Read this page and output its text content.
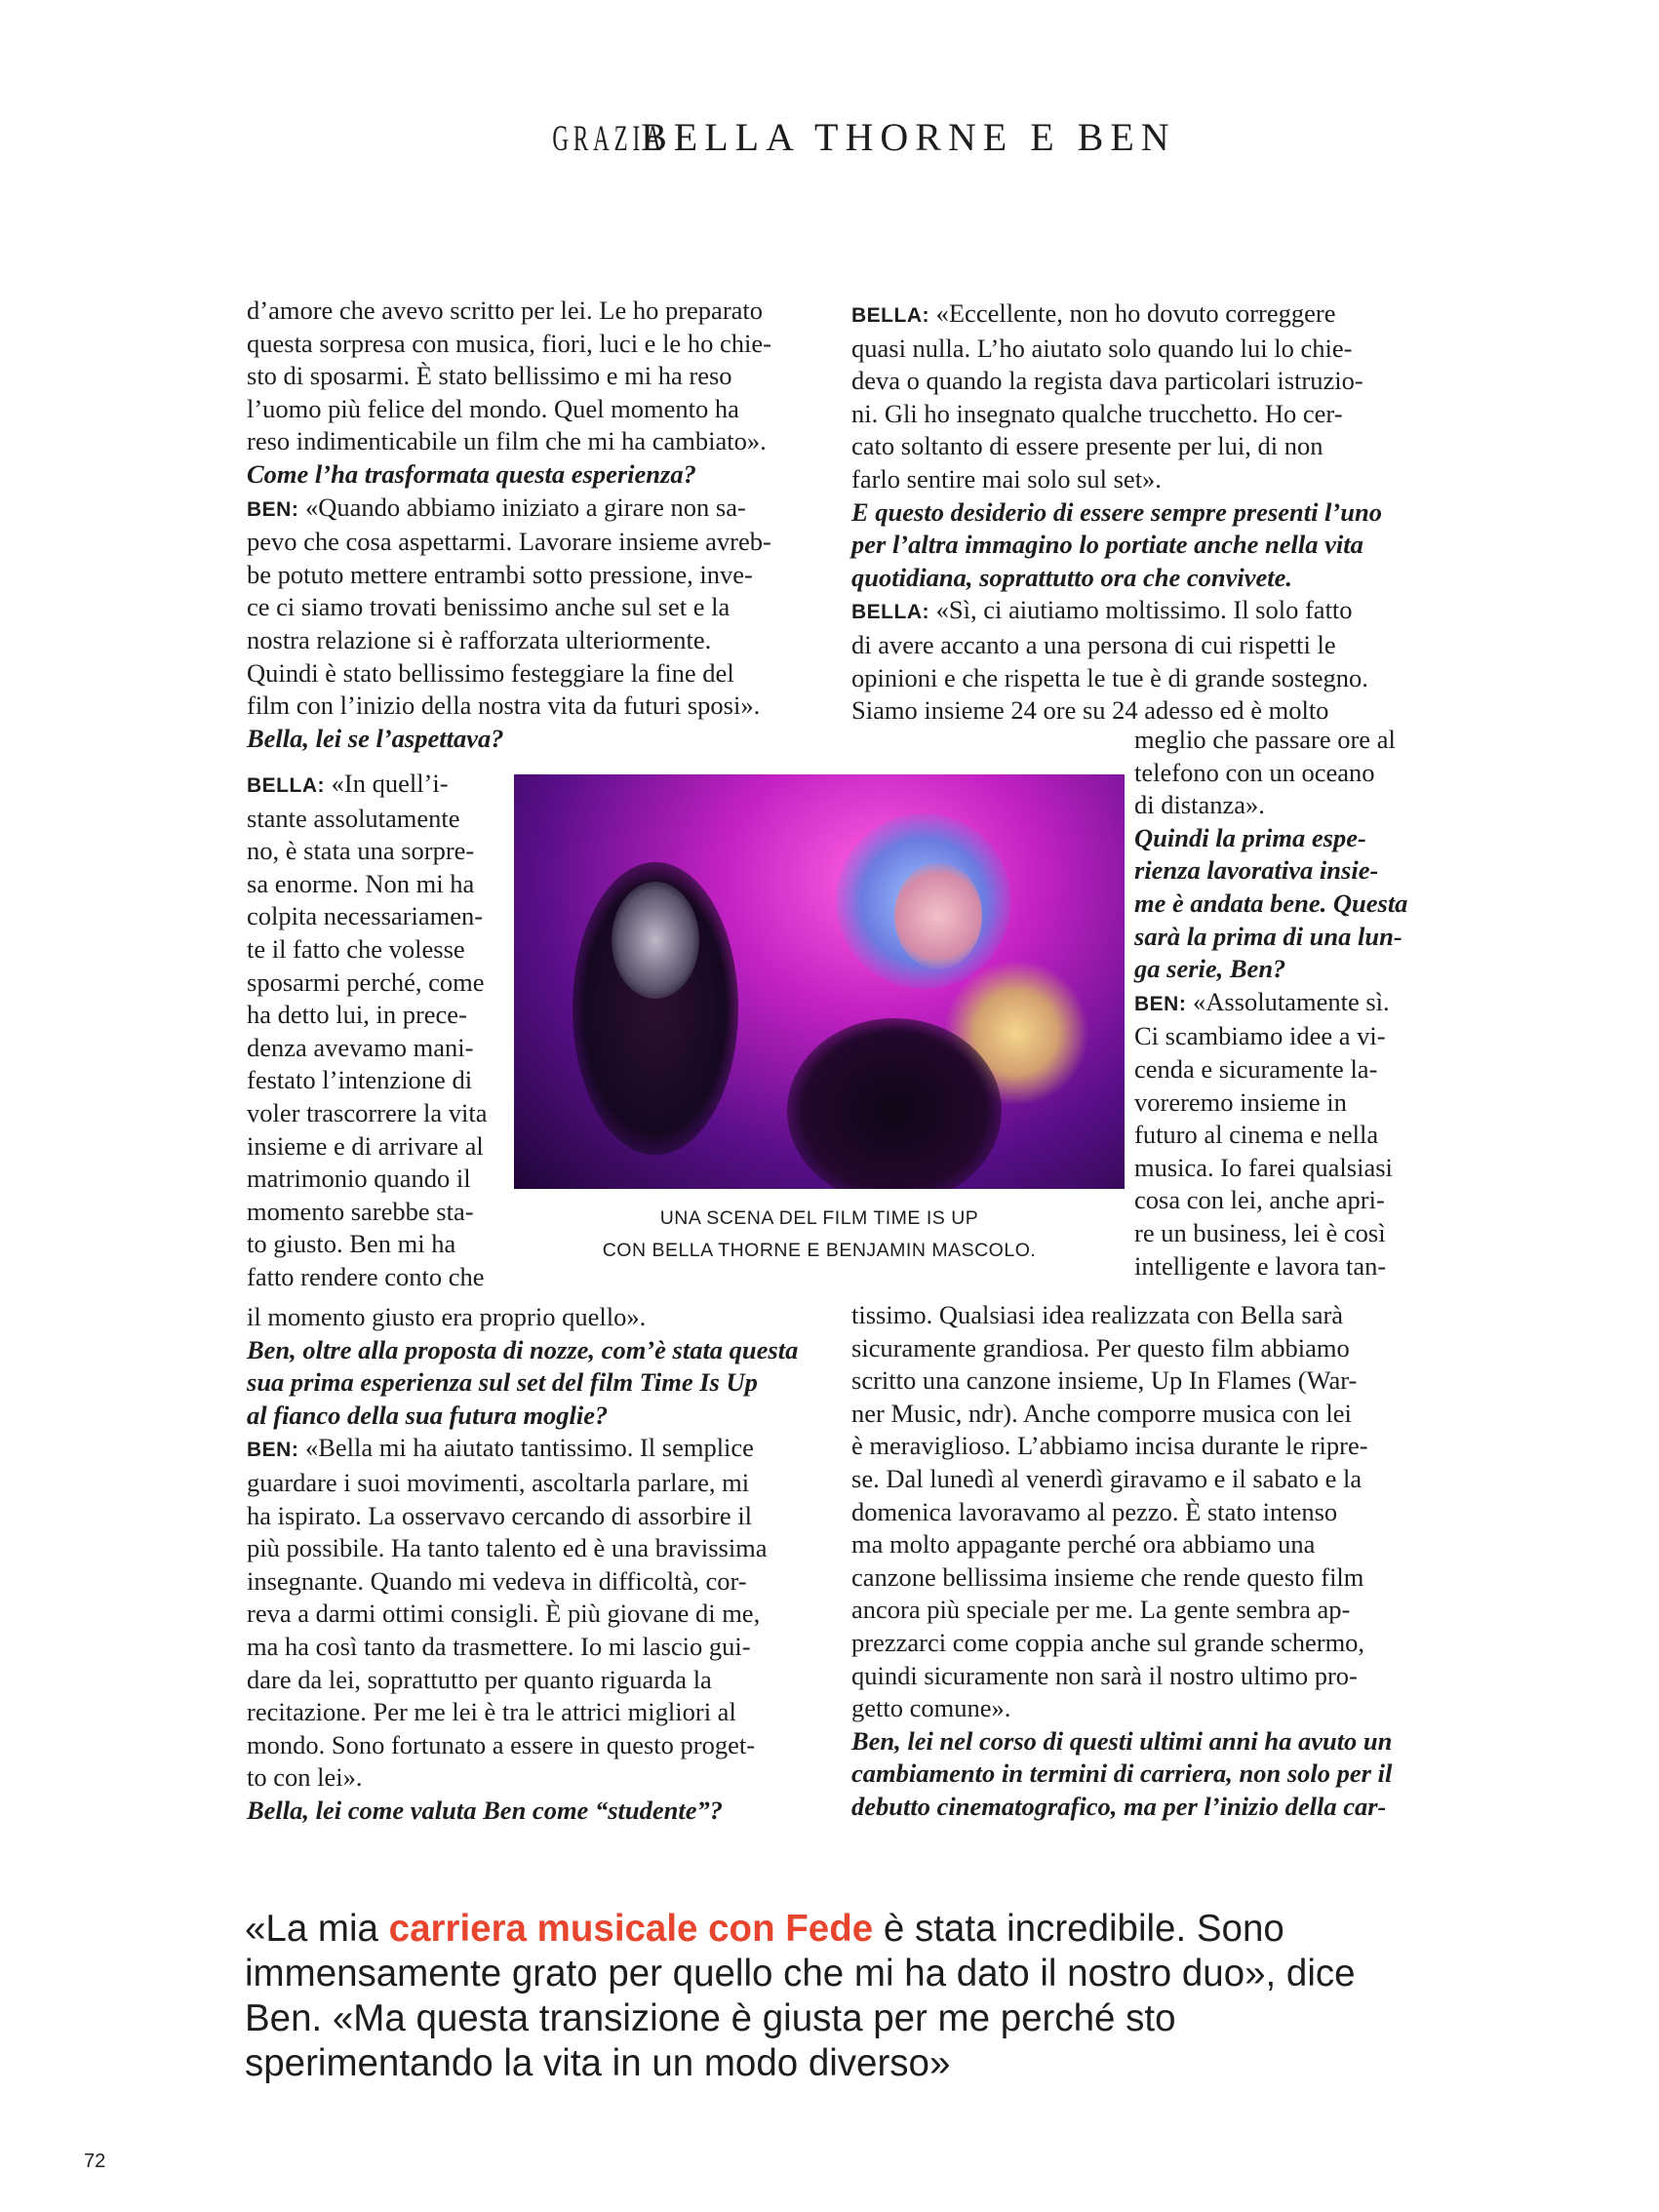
GRAZIA BELLA THORNE E BEN
d’amore che avevo scritto per lei. Le ho preparato
questa sorpresa con musica, fiori, luci e le ho chie-
sto di sposarmi. È stato bellissimo e mi ha reso
l’uomo più felice del mondo. Quel momento ha
reso indimenticabile un film che mi ha cambiato».
Come l’ha trasformata questa esperienza?
BEN: «Quando abbiamo iniziato a girare non sa-
pevo che cosa aspettarmi. Lavorare insieme avreb-
be potuto mettere entrambi sotto pressione, inve-
ce ci siamo trovati benissimo anche sul set e la
nostra relazione si è rafforzata ulteriormente.
Quindi è stato bellissimo festeggiare la fine del
film con l’inizio della nostra vita da futuri sposi».
Bella, lei se l’aspettava?
BELLA: «Eccellente, non ho dovuto correggere
quasi nulla. L’ho aiutato solo quando lui lo chie-
deva o quando la regista dava particolari istruzio-
ni. Gli ho insegnato qualche trucchetto. Ho cer-
cato soltanto di essere presente per lui, di non
farlo sentire mai solo sul set».
E questo desiderio di essere sempre presenti l’uno
per l’altra immagino lo portiate anche nella vita
quotidiana, soprattutto ora che convivete.
BELLA: «Sì, ci aiutiamo moltissimo. Il solo fatto
di avere accanto a una persona di cui rispetti le
opinioni e che rispetta le tue è di grande sostegno.
Siamo insieme 24 ore su 24 adesso ed è molto
BELLA: «In quell’i-
stante assolutamente
no, è stata una sorpre-
sa enorme. Non mi ha
colpita necessariamen-
te il fatto che volesse
sposarmi perché, come
ha detto lui, in prece-
denza avevamo mani-
festato l’intenzione di
voler trascorrere la vita
insieme e di arrivare al
matrimonio quando il
momento sarebbe sta-
to giusto. Ben mi ha
fatto rendere conto che
meglio che passare ore al
telefono con un oceano
di distanza».
Quindi la prima espe-
rienza lavorativa insie-
me è andata bene. Questa
sarà la prima di una lun-
ga serie, Ben?
BEN: «Assolutamente sì.
Ci scambiamo idee a vi-
cenda e sicuramente la-
voreremo insieme in
futuro al cinema e nella
musica. Io farei qualsiasi
cosa con lei, anche apri-
re un business, lei è così
intelligente e lavora tan-
il momento giusto era proprio quello».
Ben, oltre alla proposta di nozze, com’è stata questa
sua prima esperienza sul set del film Time Is Up
al fianco della sua futura moglie?
BEN: «Bella mi ha aiutato tantissimo. Il semplice
guardare i suoi movimenti, ascoltarla parlare, mi
ha ispirato. La osservavo cercando di assorbire il
più possibile. Ha tanto talento ed è una bravissima
insegnante. Quando mi vedeva in difficoltà, cor-
reva a darmi ottimi consigli. È più giovane di me,
ma ha così tanto da trasmettere. Io mi lascio gui-
dare da lei, soprattutto per quanto riguarda la
recitazione. Per me lei è tra le attrici migliori al
mondo. Sono fortunato a essere in questo proget-
to con lei».
Bella, lei come valuta Ben come “studente”?
tissimo. Qualsiasi idea realizzata con Bella sarà
sicuramente grandiosa. Per questo film abbiamo
scritto una canzone insieme, Up In Flames (War-
ner Music, ndr). Anche comporre musica con lei
è meraviglioso. L’abbiamo incisa durante le ripre-
se. Dal lunedì al venerdì giravamo e il sabato e la
domenica lavoravamo al pezzo. È stato intenso
ma molto appagante perché ora abbiamo una
canzone bellissima insieme che rende questo film
ancora più speciale per me. La gente sembra ap-
prezzarci come coppia anche sul grande schermo,
quindi sicuramente non sarà il nostro ultimo pro-
getto comune».
Ben, lei nel corso di questi ultimi anni ha avuto un
cambiamento in termini di carriera, non solo per il
debutto cinematografico, ma per l’inizio della car-
UNA SCENA DEL FILM TIME IS UP
CON BELLA THORNE E BENJAMIN MASCOLO.
«La mia carriera musicale con Fede è stata incredibile. Sono immensamente grato per quello che mi ha dato il nostro duo», dice Ben. «Ma questa transizione è giusta per me perché sto sperimentando la vita in un modo diverso»
72
